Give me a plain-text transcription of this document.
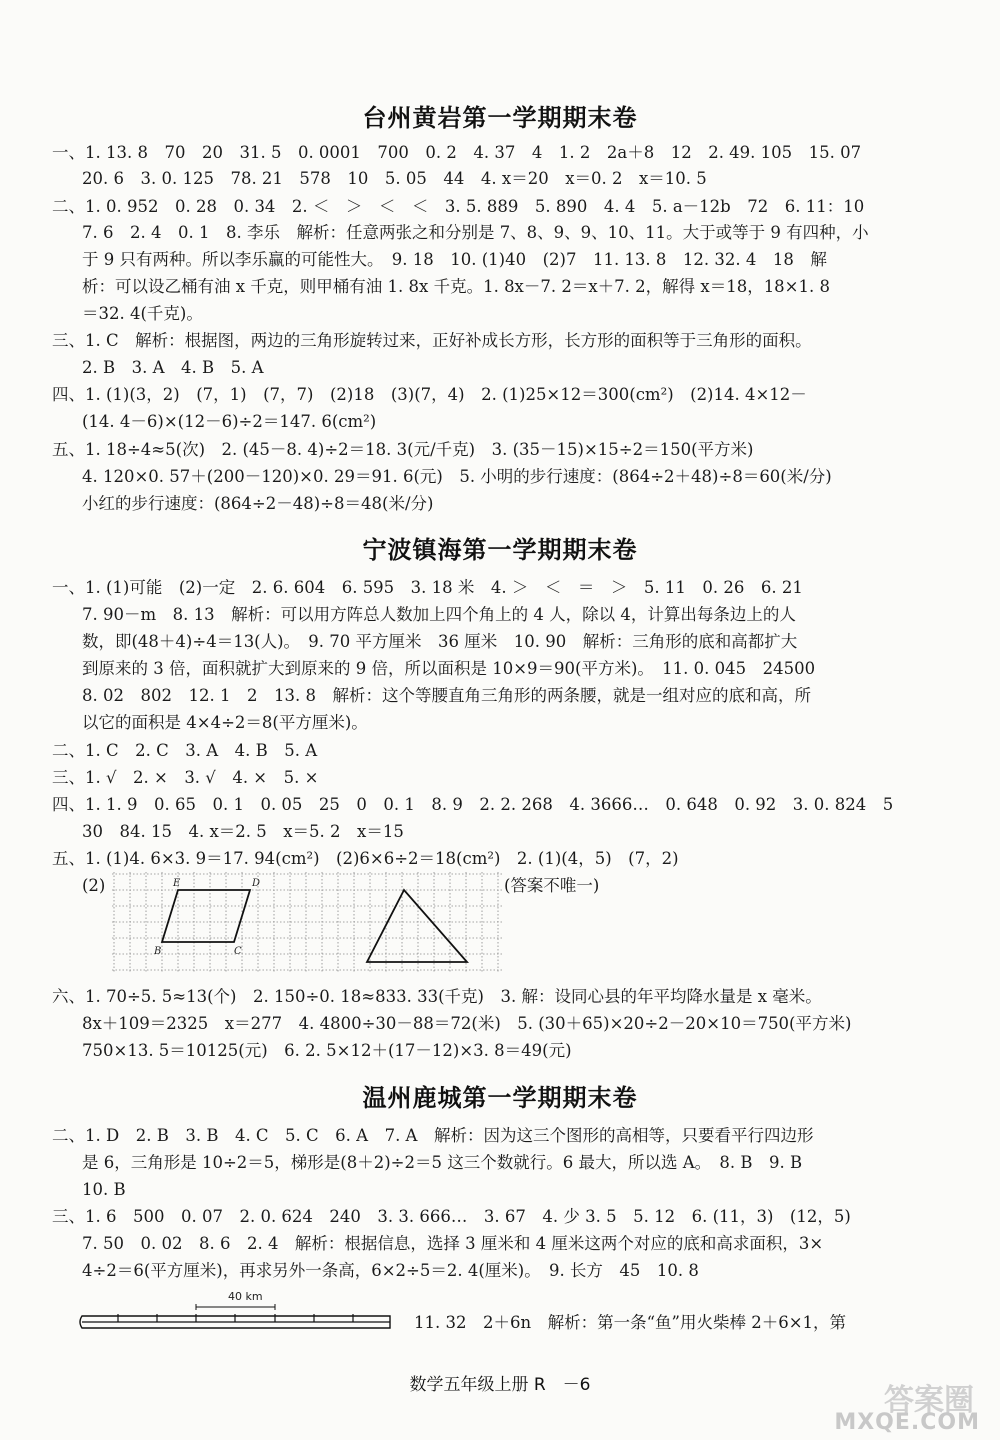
台州黄岩第一学期期末卷
一、1. 13. 8　70　20　31. 5　0. 0001　700　0. 2　4. 37　4　1. 2　2a＋8　12　2. 49. 105　15. 07
20. 6　3. 0. 125　78. 21　578　10　5. 05　44　4. x＝20　x＝0. 2　x＝10. 5
二、1. 0. 952　0. 28　0. 34　2. ＜　＞　＜　＜　3. 5. 889　5. 890　4. 4　5. a－12b　72　6. 11：10
7. 6　2. 4　0. 1　8. 李乐　解析：任意两张之和分别是 7、8、9、9、10、11。大于或等于 9 有四种，小
于 9 只有两种。所以李乐赢的可能性大。　9. 18　10. (1)40　(2)7　11. 13. 8　12. 32. 4　18　解
析：可以设乙桶有油 x 千克，则甲桶有油 1. 8x 千克。1. 8x－7. 2＝x＋7. 2，解得 x＝18，18×1. 8
＝32. 4(千克)。
三、1. C　解析：根据图，两边的三角形旋转过来，正好补成长方形，长方形的面积等于三角形的面积。
2. B　3. A　4. B　5. A
四、1. (1)(3，2)　(7，1)　(7，7)　(2)18　(3)(7，4)　2. (1)25×12＝300(cm²)　(2)14. 4×12－
(14. 4－6)×(12－6)÷2＝147. 6(cm²)
五、1. 18÷4≈5(次)　2. (45－8. 4)÷2＝18. 3(元/千克)　3. (35－15)×15÷2＝150(平方米)
4. 120×0. 57＋(200－120)×0. 29＝91. 6(元)　5. 小明的步行速度：(864÷2＋48)÷8＝60(米/分)
小红的步行速度：(864÷2－48)÷8＝48(米/分)
宁波镇海第一学期期末卷
一、1. (1)可能　(2)一定　2. 6. 604　6. 595　3. 18 米　4. ＞　＜　＝　＞　5. 11　0. 26　6. 21
7. 90－m　8. 13　解析：可以用方阵总人数加上四个角上的 4 人，除以 4，计算出每条边上的人
数，即(48＋4)÷4＝13(人)。　9. 70 平方厘米　36 厘米　10. 90　解析：三角形的底和高都扩大
到原来的 3 倍，面积就扩大到原来的 9 倍，所以面积是 10×9＝90(平方米)。　11. 0. 045　24500
8. 02　802　12. 1　2　13. 8　解析：这个等腰直角三角形的两条腰，就是一组对应的底和高，所
以它的面积是 4×4÷2＝8(平方厘米)。
二、1. C　2. C　3. A　4. B　5. A
三、1. √　2. ×　3. √　4. ×　5. ×
四、1. 1. 9　0. 65　0. 1　0. 05　25　0　0. 1　8. 9　2. 2. 268　4. 3666…　0. 648　0. 92　3. 0. 824　5
30　84. 15　4. x＝2. 5　x＝5. 2　x＝15
五、1. (1)4. 6×3. 9＝17. 94(cm²)　(2)6×6÷2＝18(cm²)　2. (1)(4，5)　(7，2)
(2)	(答案不唯一)
E	D
B	C
六、1. 70÷5. 5≈13(个)　2. 150÷0. 18≈833. 33(千克)　3. 解：设同心县的年平均降水量是 x 毫米。
8x＋109＝2325　x＝277　4. 4800÷30－88＝72(米)　5. (30＋65)×20÷2－20×10＝750(平方米)
750×13. 5＝10125(元)　6. 2. 5×12＋(17－12)×3. 8＝49(元)
温州鹿城第一学期期末卷
二、1. D　2. B　3. B　4. C　5. C　6. A　7. A　解析：因为这三个图形的高相等，只要看平行四边形
是 6，三角形是 10÷2＝5，梯形是(8＋2)÷2＝5 这三个数就行。6 最大，所以选 A。　8. B　9. B
10. B
三、1. 6　500　0. 07　2. 0. 624　240　3. 3. 666…　3. 67　4. 少 3. 5　5. 12　6. (11，3)　(12，5)
7. 50　0. 02　8. 6　2. 4　解析：根据信息，选择 3 厘米和 4 厘米这两个对应的底和高求面积，3×
4÷2＝6(平方厘米)，再求另外一条高，6×2÷5＝2. 4(厘米)。　9. 长方　45　10. 8
40 km
11. 32　2＋6n　解析：第一条“鱼”用火柴棒 2＋6×1，第
数学五年级上册 R　－6	答案圈
MXQE.COM
